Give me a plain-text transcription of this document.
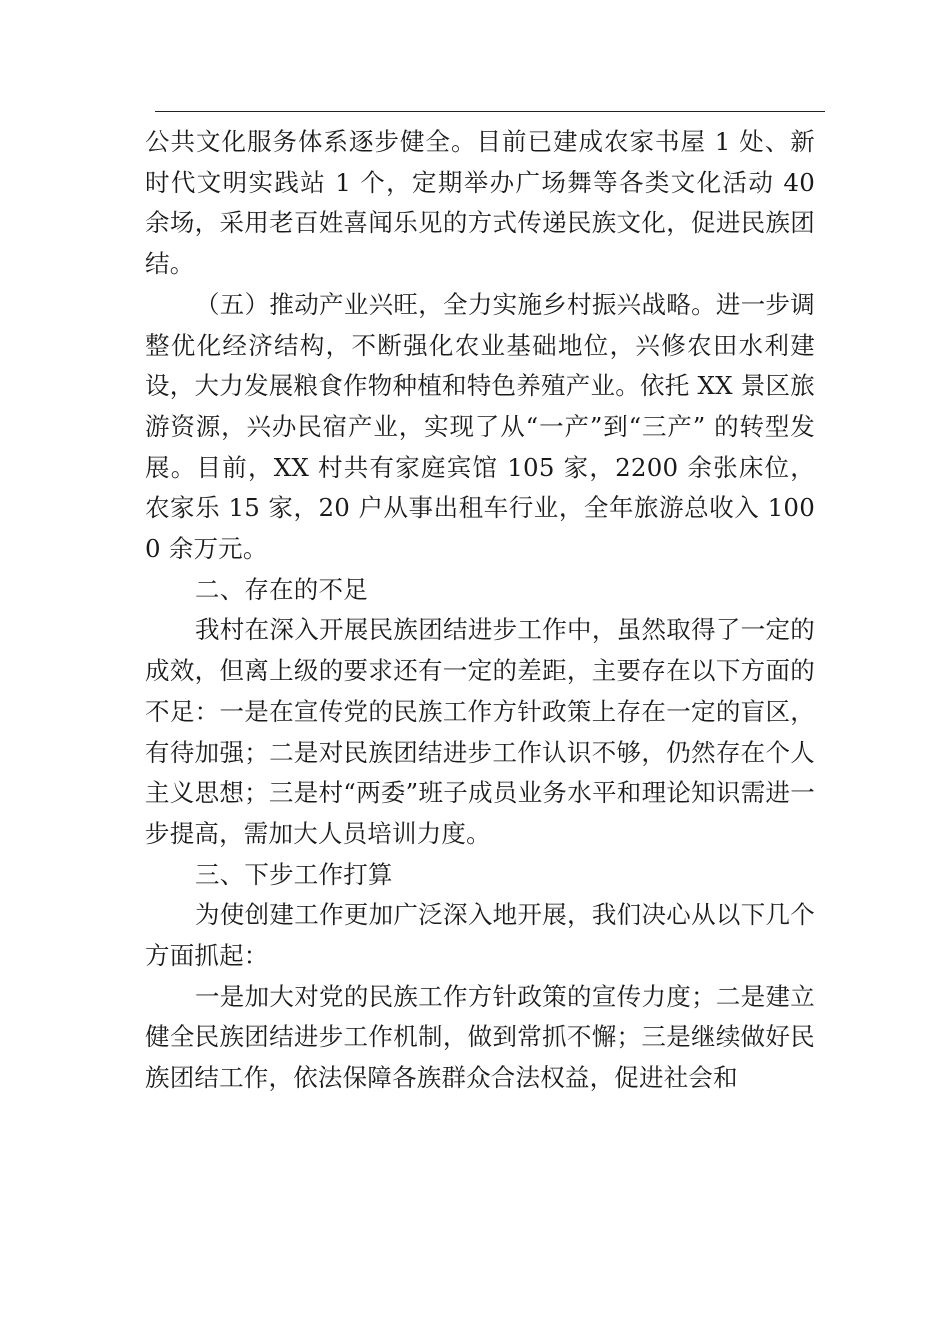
公共文化服务体系逐步健全。目前已建成农家书屋 1 处、新时代文明实践站 1 个，定期举办广场舞等各类文化活动 40 余场，采用老百姓喜闻乐见的方式传递民族文化，促进民族团结。

（五）推动产业兴旺，全力实施乡村振兴战略。进一步调整优化经济结构，不断强化农业基础地位，兴修农田水利建设，大力发展粮食作物种植和特色养殖产业。依托 XX 景区旅游资源，兴办民宿产业，实现了从“一产”到“三产” 的转型发展。目前，XX 村共有家庭宾馆 105 家，2200 余张床位，农家乐 15 家，20 户从事出租车行业，全年旅游总收入 1000 余万元。

二、存在的不足

我村在深入开展民族团结进步工作中，虽然取得了一定的成效，但离上级的要求还有一定的差距，主要存在以下方面的不足：一是在宣传党的民族工作方针政策上存在一定的盲区，有待加强；二是对民族团结进步工作认识不够，仍然存在个人主义思想；三是村“两委”班子成员业务水平和理论知识需进一步提高，需加大人员培训力度。

三、下步工作打算

为使创建工作更加广泛深入地开展，我们决心从以下几个方面抓起：

一是加大对党的民族工作方针政策的宣传力度；二是建立健全民族团结进步工作机制，做到常抓不懈；三是继续做好民族团结工作，依法保障各族群众合法权益，促进社会和
